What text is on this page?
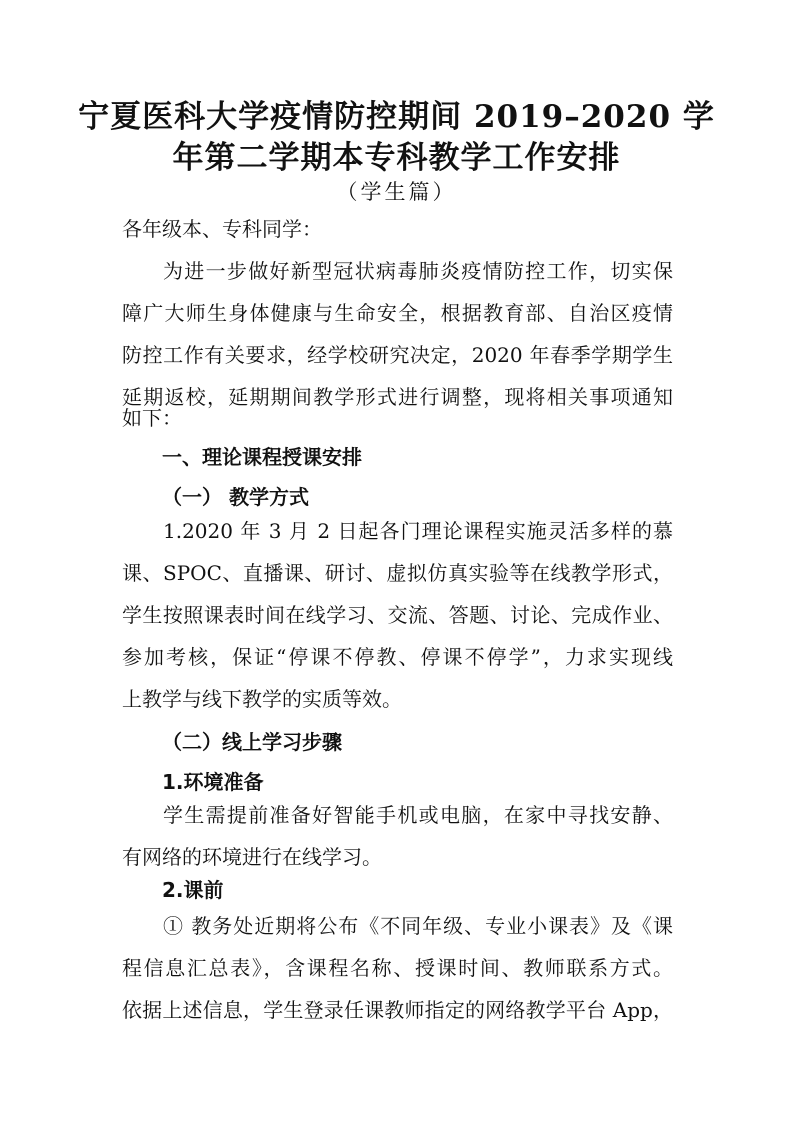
宁夏医科大学疫情防控期间 2019–2020 学
年第二学期本专科教学工作安排
（学生篇）
各年级本、专科同学：
为进一步做好新型冠状病毒肺炎疫情防控工作，切实保
障广大师生身体健康与生命安全，根据教育部、自治区疫情
防控工作有关要求，经学校研究决定，2020 年春季学期学生
延期返校，延期期间教学形式进行调整，现将相关事项通知
如下：
一、理论课程授课安排
（一） 教学方式
1.2020 年 3 月 2 日起各门理论课程实施灵活多样的慕
课、SPOC、直播课、研讨、虚拟仿真实验等在线教学形式，
学生按照课表时间在线学习、交流、答题、讨论、完成作业、
参加考核，保证“停课不停教、停课不停学”，力求实现线
上教学与线下教学的实质等效。
（二）线上学习步骤
1.环境准备
学生需提前准备好智能手机或电脑，在家中寻找安静、
有网络的环境进行在线学习。
2.课前
① 教务处近期将公布《不同年级、专业小课表》及《课
程信息汇总表》，含课程名称、授课时间、教师联系方式。
依据上述信息，学生登录任课教师指定的网络教学平台 App，
